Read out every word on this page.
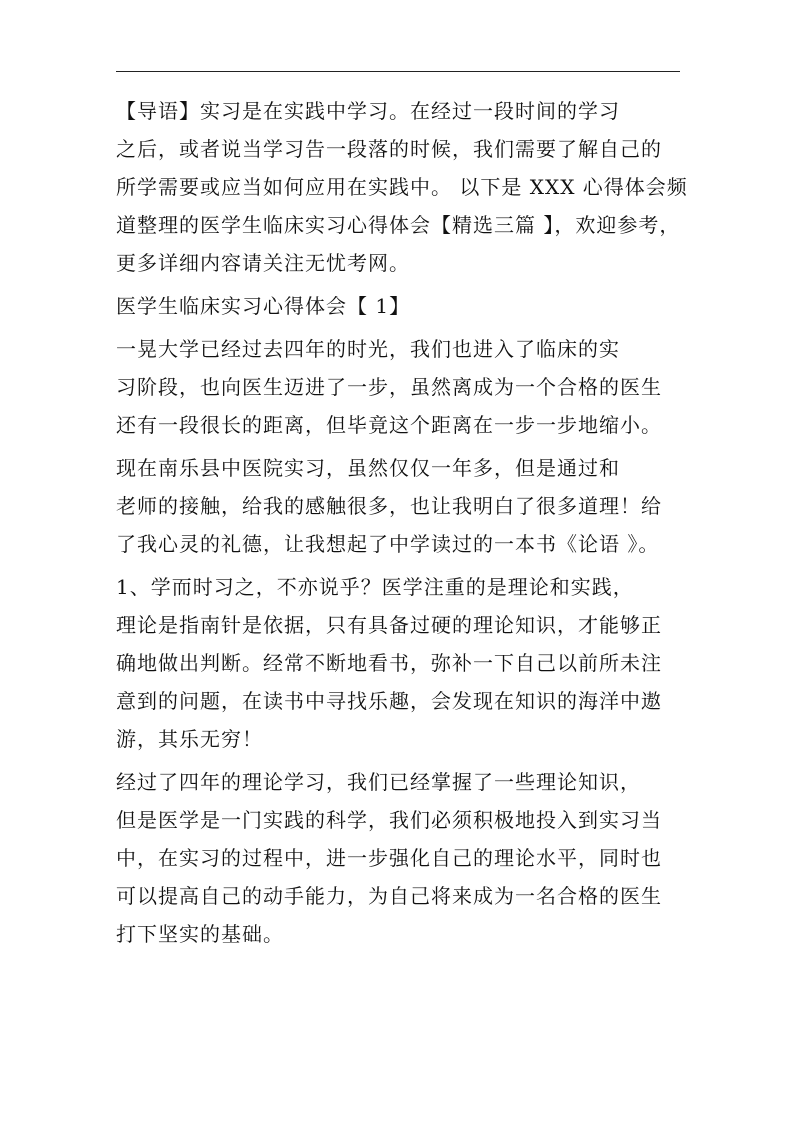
【导语】实习是在实践中学习。在经过一段时间的学习
之后，或者说当学习告一段落的时候，我们需要了解自己的
所学需要或应当如何应用在实践中。 以下是 XXX 心得体会频
道整理的医学生临床实习心得体会【精选三篇 】，欢迎参考，
更多详细内容请关注无忧考网。
医学生临床实习心得体会【 1】
一晃大学已经过去四年的时光，我们也进入了临床的实
习阶段，也向医生迈进了一步，虽然离成为一个合格的医生
还有一段很长的距离，但毕竟这个距离在一步一步地缩小。
现在南乐县中医院实习，虽然仅仅一年多，但是通过和
老师的接触，给我的感触很多，也让我明白了很多道理！给
了我心灵的礼德，让我想起了中学读过的一本书《论语 》。
1、学而时习之，不亦说乎？医学注重的是理论和实践，
理论是指南针是依据，只有具备过硬的理论知识，才能够正
确地做出判断。经常不断地看书，弥补一下自己以前所未注
意到的问题，在读书中寻找乐趣，会发现在知识的海洋中遨
游，其乐无穷！
经过了四年的理论学习，我们已经掌握了一些理论知识，
但是医学是一门实践的科学，我们必须积极地投入到实习当
中，在实习的过程中，进一步强化自己的理论水平，同时也
可以提高自己的动手能力，为自己将来成为一名合格的医生
打下坚实的基础。
